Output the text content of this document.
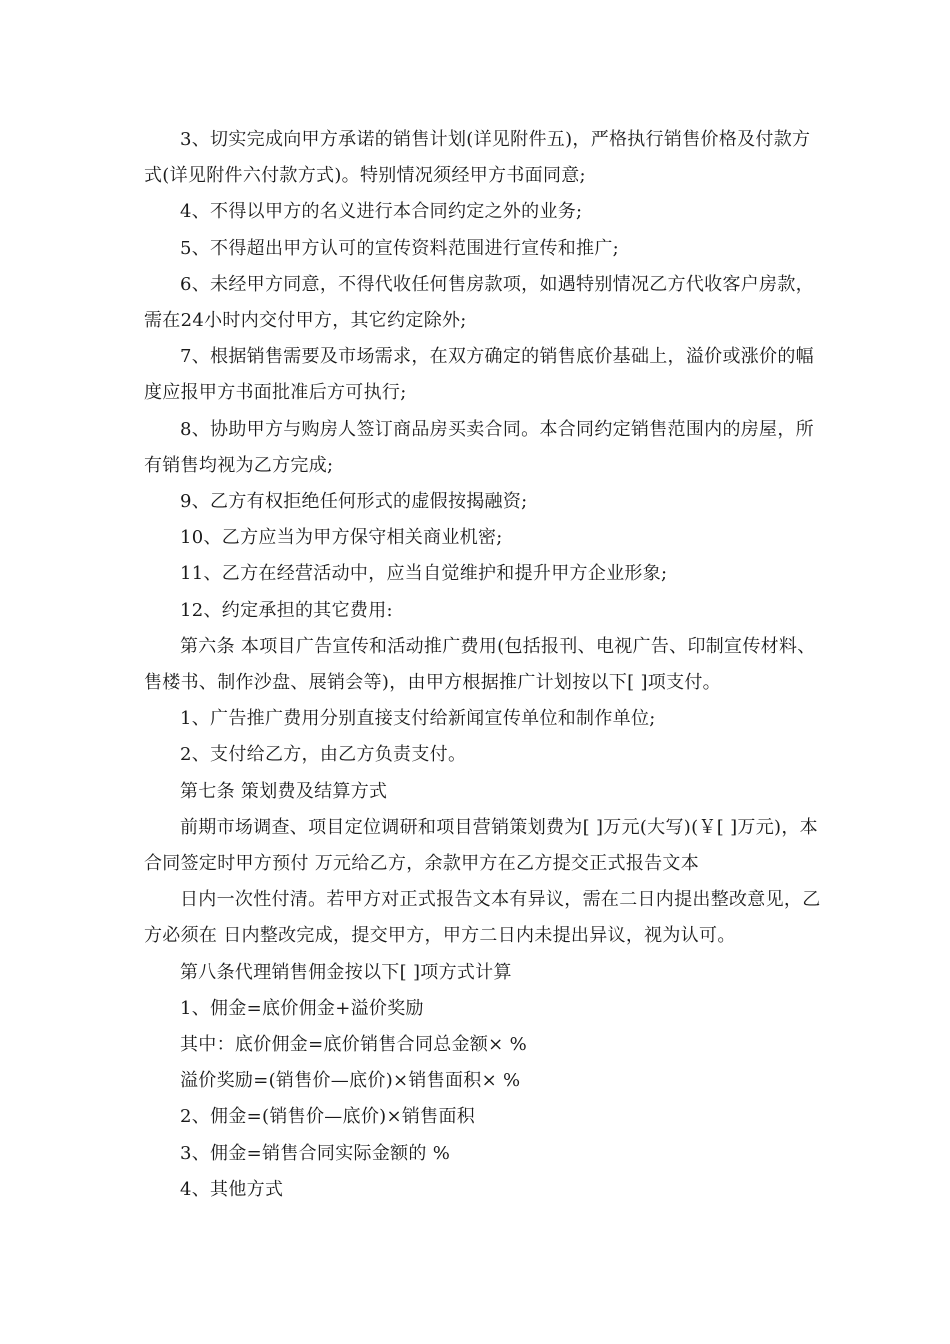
3、切实完成向甲方承诺的销售计划(详见附件五)，严格执行销售价格及付款方式(详见附件六付款方式)。特别情况须经甲方书面同意;

4、不得以甲方的名义进行本合同约定之外的业务;

5、不得超出甲方认可的宣传资料范围进行宣传和推广;

6、未经甲方同意，不得代收任何售房款项，如遇特别情况乙方代收客户房款，需在24小时内交付甲方，其它约定除外;

7、根据销售需要及市场需求，在双方确定的销售底价基础上，溢价或涨价的幅度应报甲方书面批准后方可执行;

8、协助甲方与购房人签订商品房买卖合同。本合同约定销售范围内的房屋，所有销售均视为乙方完成;

9、乙方有权拒绝任何形式的虚假按揭融资;

10、乙方应当为甲方保守相关商业机密;

11、乙方在经营活动中，应当自觉维护和提升甲方企业形象;

12、约定承担的其它费用:

第六条 本项目广告宣传和活动推广费用(包括报刊、电视广告、印制宣传材料、售楼书、制作沙盘、展销会等)，由甲方根据推广计划按以下[ ]项支付。

1、广告推广费用分别直接支付给新闻宣传单位和制作单位;

2、支付给乙方，由乙方负责支付。

第七条 策划费及结算方式

前期市场调查、项目定位调研和项目营销策划费为[ ]万元(大写)(￥[ ]万元)，本合同签定时甲方预付 万元给乙方，余款甲方在乙方提交正式报告文本

日内一次性付清。若甲方对正式报告文本有异议，需在二日内提出整改意见，乙方必须在 日内整改完成，提交甲方，甲方二日内未提出异议，视为认可。

第八条代理销售佣金按以下[ ]项方式计算

1、佣金=底价佣金+溢价奖励

其中：底价佣金=底价销售合同总金额× %

溢价奖励=(销售价—底价)×销售面积× %

2、佣金=(销售价—底价)×销售面积

3、佣金=销售合同实际金额的 %

4、其他方式
